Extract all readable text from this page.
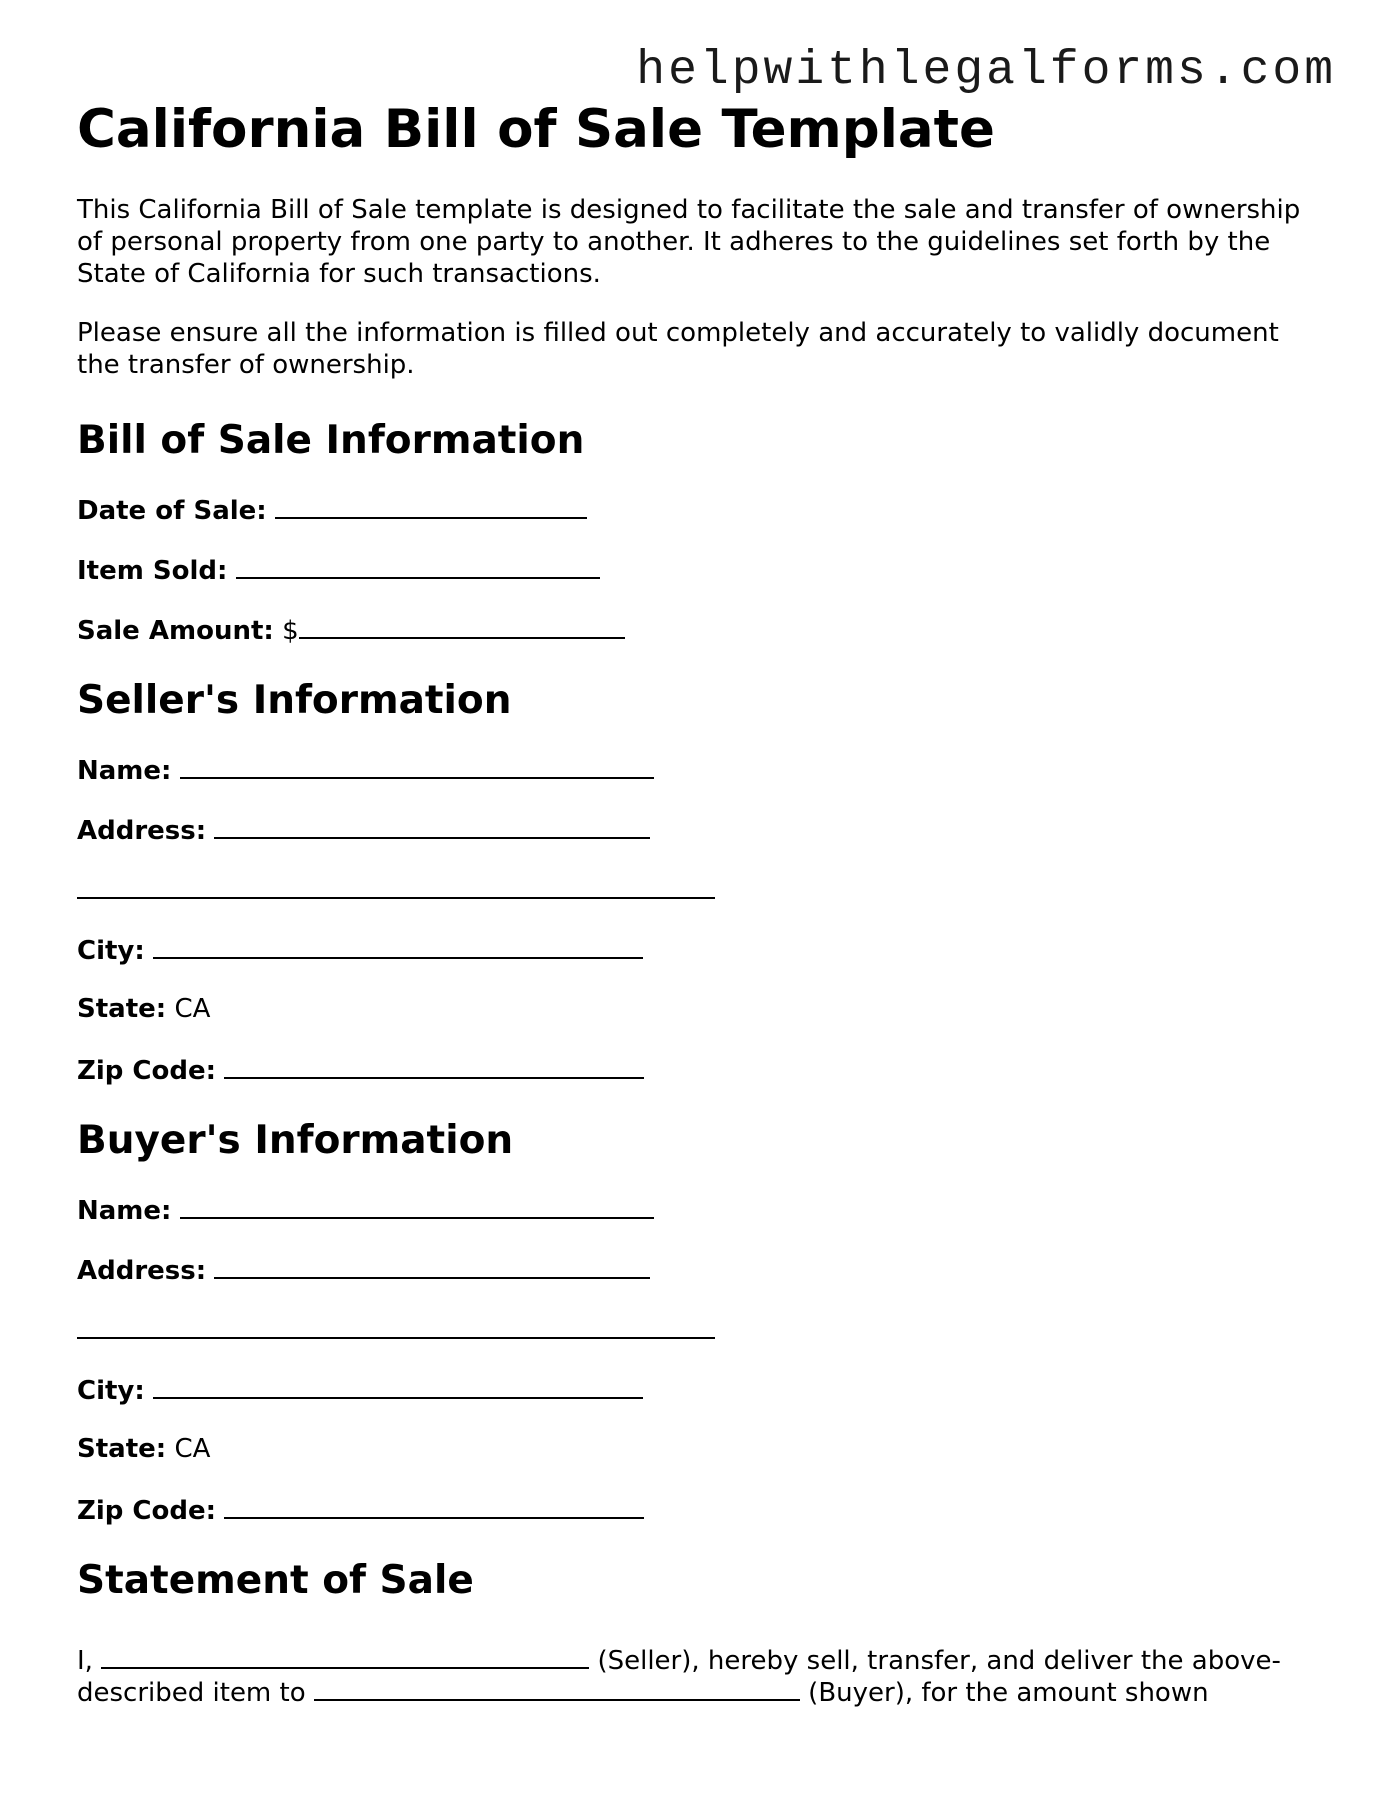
helpwithlegalforms.com
California Bill of Sale Template

This California Bill of Sale template is designed to facilitate the sale and transfer of ownership of personal property from one party to another. It adheres to the guidelines set forth by the State of California for such transactions.

Please ensure all the information is filled out completely and accurately to validly document the transfer of ownership.

Bill of Sale Information
Date of Sale:
Item Sold:
Sale Amount: $
Seller's Information
Name:
Address:
City:
State: CA
Zip Code:
Buyer's Information
Name:
Address:
City:
State: CA
Zip Code:
Statement of Sale
I,	(Seller), hereby sell, transfer, and deliver the above-described item to	(Buyer), for the amount shown
